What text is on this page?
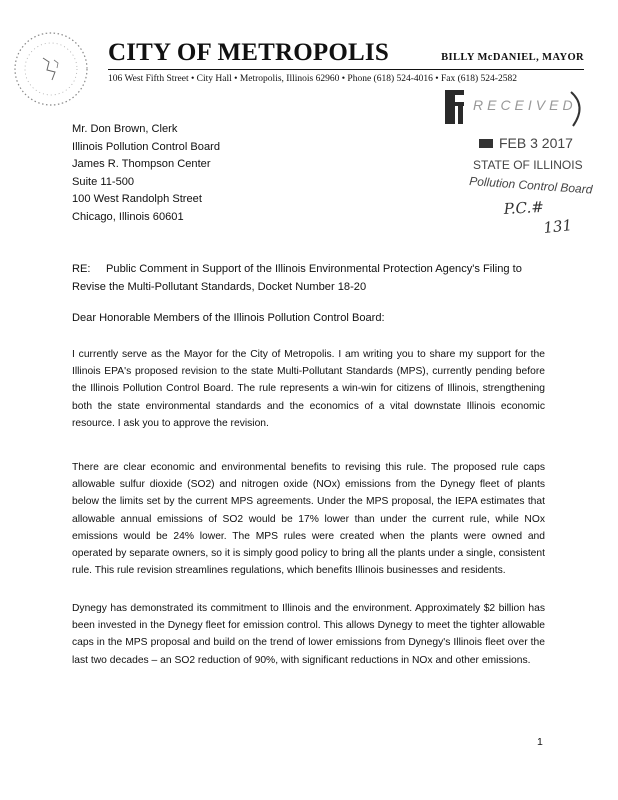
CITY OF METROPOLIS	BILLY McDANIEL, MAYOR
106 West Fifth Street • City Hall • Metropolis, Illinois 62960 • Phone (618) 524-4016 • Fax (618) 524-2582
RECEIVED
FEB 3 2017
STATE OF ILLINOIS
Pollution Control Board
P.C.#
131
Mr. Don Brown, Clerk
Illinois Pollution Control Board
James R. Thompson Center
Suite 11-500
100 West Randolph Street
Chicago, Illinois 60601
RE: Public Comment in Support of the Illinois Environmental Protection Agency's Filing to Revise the Multi-Pollutant Standards, Docket Number 18-20
Dear Honorable Members of the Illinois Pollution Control Board:

I currently serve as the Mayor for the City of Metropolis. I am writing you to share my support for the Illinois EPA's proposed revision to the state Multi-Pollutant Standards (MPS), currently pending before the Illinois Pollution Control Board. The rule represents a win-win for citizens of Illinois, strengthening both the state environmental standards and the economics of a vital downstate Illinois economic resource. I ask you to approve the revision.

There are clear economic and environmental benefits to revising this rule. The proposed rule caps allowable sulfur dioxide (SO2) and nitrogen oxide (NOx) emissions from the Dynegy fleet of plants below the limits set by the current MPS agreements. Under the MPS proposal, the IEPA estimates that allowable annual emissions of SO2 would be 17% lower than under the current rule, while NOx emissions would be 24% lower. The MPS rules were created when the plants were owned and operated by separate owners, so it is simply good policy to bring all the plants under a single, consistent rule. This rule revision streamlines regulations, which benefits Illinois businesses and residents.

Dynegy has demonstrated its commitment to Illinois and the environment. Approximately $2 billion has been invested in the Dynegy fleet for emission control. This allows Dynegy to meet the tighter allowable caps in the MPS proposal and build on the trend of lower emissions from Dynegy's Illinois fleet over the last two decades – an SO2 reduction of 90%, with significant reductions in NOx and other emissions.

1
